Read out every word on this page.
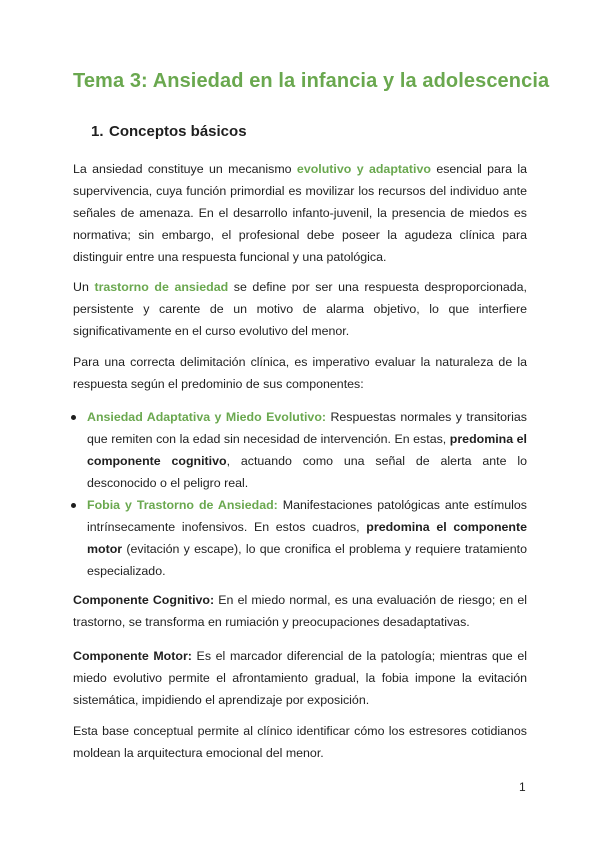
Tema 3: Ansiedad en la infancia y la adolescencia
1. Conceptos básicos

La ansiedad constituye un mecanismo evolutivo y adaptativo esencial para la supervivencia, cuya función primordial es movilizar los recursos del individuo ante señales de amenaza. En el desarrollo infanto-juvenil, la presencia de miedos es normativa; sin embargo, el profesional debe poseer la agudeza clínica para distinguir entre una respuesta funcional y una patológica.

Un trastorno de ansiedad se define por ser una respuesta desproporcionada, persistente y carente de un motivo de alarma objetivo, lo que interfiere significativamente en el curso evolutivo del menor.

Para una correcta delimitación clínica, es imperativo evaluar la naturaleza de la respuesta según el predominio de sus componentes:

Ansiedad Adaptativa y Miedo Evolutivo: Respuestas normales y transitorias que remiten con la edad sin necesidad de intervención. En estas, predomina el componente cognitivo, actuando como una señal de alerta ante lo desconocido o el peligro real.
Fobia y Trastorno de Ansiedad: Manifestaciones patológicas ante estímulos intrínsecamente inofensivos. En estos cuadros, predomina el componente motor (evitación y escape), lo que cronifica el problema y requiere tratamiento especializado.

Componente Cognitivo: En el miedo normal, es una evaluación de riesgo; en el trastorno, se transforma en rumiación y preocupaciones desadaptativas.

Componente Motor: Es el marcador diferencial de la patología; mientras que el miedo evolutivo permite el afrontamiento gradual, la fobia impone la evitación sistemática, impidiendo el aprendizaje por exposición.

Esta base conceptual permite al clínico identificar cómo los estresores cotidianos moldean la arquitectura emocional del menor.

1
